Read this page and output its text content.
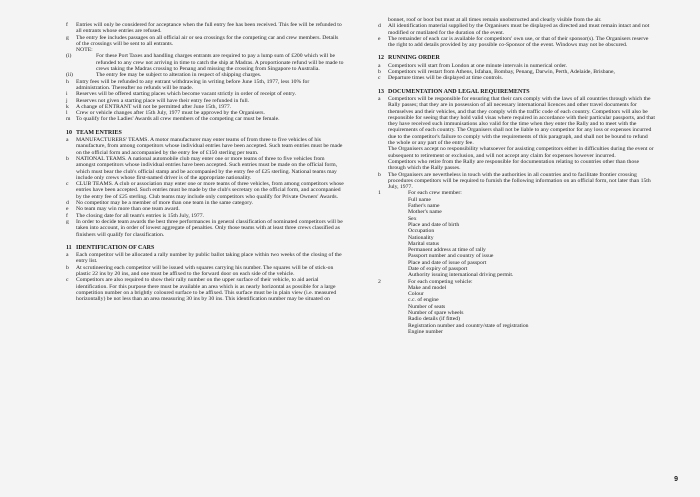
f	Entries will only be considered for acceptance when the full entry fee has been received. This fee will be refunded to all entrants whose entries are refused.

g	The entry fee includes passages on all official air or sea crossings for the competing car and crew members. Details of the crossings will be sent to all entrants.

NOTE:

(i)	For these Port Taxes and handling charges entrants are required to pay a lump sum of £200 which will be refunded to any crew not arriving in time to catch the ship at Madras. A proportionate refund will be made to crews taking the Madras crossing to Penang and missing the crossing from Singapore to Australia.

(ii)	The entry fee may be subject to alteration in respect of shipping charges.

h	Entry fees will be refunded to any entrant withdrawing in writing before June 15th, 1977, less 10% for administration. Thereafter no refunds will be made.

i	Reserves will be offered starting places which become vacant strictly in order of receipt of entry.

j	Reserves not given a starting place will have their entry fee refunded in full.

k	A change of ENTRANT will not be permitted after June 15th, 1977.

l	Crew or vehicle changes after 15th July, 1977 must be approved by the Organisers.

m To qualify for the Ladies' Awards all crew members of the competing car must be female.

10 TEAM ENTRIES

a	MANUFACTURERS' TEAMS. A motor manufacturer may enter teams of from three to five vehicles of his manufacture, from among competitors whose individual entries have been accepted. Such team entries must be made on the official form and accompanied by the entry fee of £150 sterling per team.

b	NATIONAL TEAMS. A national automobile club may enter one or more teams of three to five vehicles from amongst competitors whose individual entries have been accepted. Such entries must be made on the official form, which must bear the club's official stamp and be accompanied by the entry fee of £25 sterling. National teams may include only crews whose first-named driver is of the appropriate nationality.

c	CLUB TEAMS. A club or association may enter one or more teams of three vehicles, from among competitors whose entries have been accepted. Such entries must be made by the club's secretary on the official form, and accompanied by the entry fee of £25 sterling. Club teams may include only competitors who qualify for Private Owners' Awards.

d	No competitor may be a member of more than one team in the same category.

e	No team may win more than one team award.

f	The closing date for all team's entries is 15th July, 1977.

g	In order to decide team awards the best three performances in general classification of nominated competitors will be taken into account, in order of lowest aggregate of penalties. Only those teams with at least three crews classified as finishers will qualify for classification.

11 IDENTIFICATION OF CARS

a	Each competitor will be allocated a rally number by public ballot taking place within two weeks of the closing of the entry list.

b	At scrutineering each competitor will be issued with squares carrying his number. The squares will be of stick-on plastic 22 ins by 20 ins, and one must be affixed to the forward door on each side of the vehicle.

c	Competitors are also required to show their rally number on the upper surface of their vehicle, to aid aerial identification. For this purpose there must be available an area which is as nearly horizontal as possible for a large competition number on a brightly coloured surface to be affixed. This surface must be in plain view (i.e. measured horizontally) be not less than an area measuring 30 ins by 30 ins. This identification number may be situated on

bonnet, roof or boot but must at all times remain unobstructed and clearly visible from the air.

d	All identification material supplied by the Organisers must be displayed as directed and must remain intact and not modified or mutilated for the duration of the event.

e	The remainder of each car is available for competitors' own use, or that of their sponsor(s). The Organisers reserve the right to add details provided by any possible co-Sponsor of the event. Windows may not be obscured.

12 RUNNING ORDER

a	Competitors will start from London at one minute intervals in numerical order.

b	Competitors will restart from Athens, Isfahan, Bombay, Penang, Darwin, Perth, Adelaide, Brisbane,

c	Departure times will be displayed at time controls.

13 DOCUMENTATION AND LEGAL REQUIREMENTS

a	Competitors will be responsible for ensuring that their cars comply with the laws of all countries through which the Rally passes; that they are in possession of all necessary international licences and other travel documents for themselves and their vehicles, and that they comply with the traffic code of each country. Competitors will also be responsible for seeing that they hold valid visas where required in accordance with their particular passports, and that they have received such immunisations also valid for the time when they enter the Rally and to meet with the requirements of each country. The Organisers shall not be liable to any competitor for any loss or expenses incurred due to the competitor's failure to comply with the requirements of this paragraph, and shall not be bound to refund the whole or any part of the entry fee.

The Organisers accept no responsibility whatsoever for assisting competitors either in difficulties during the event or subsequent to retirement or exclusion, and will not accept any claim for expenses however incurred.

Competitors who retire from the Rally are responsible for documentation relating to countries other than those through which the Rally passes.

b	The Organisers are nevertheless in touch with the authorities in all countries and to facilitate frontier crossing procedures competitors will be required to furnish the following information on an official form, not later than 15th July, 1977.

1	For each crew member:

Full name
Father's name
Mother's name
Sex
Place and date of birth
Occupation
Nationality
Marital status
Permanent address at time of rally
Passport number and country of issue
Place and date of issue of passport
Date of expiry of passport
Authority issuing international driving permit.

2	For each competing vehicle:

Make and model
Colour
c.c. of engine
Number of seats
Number of spare wheels
Radio details (if fitted)
Registration number and country/state of registration
Engine number
9
